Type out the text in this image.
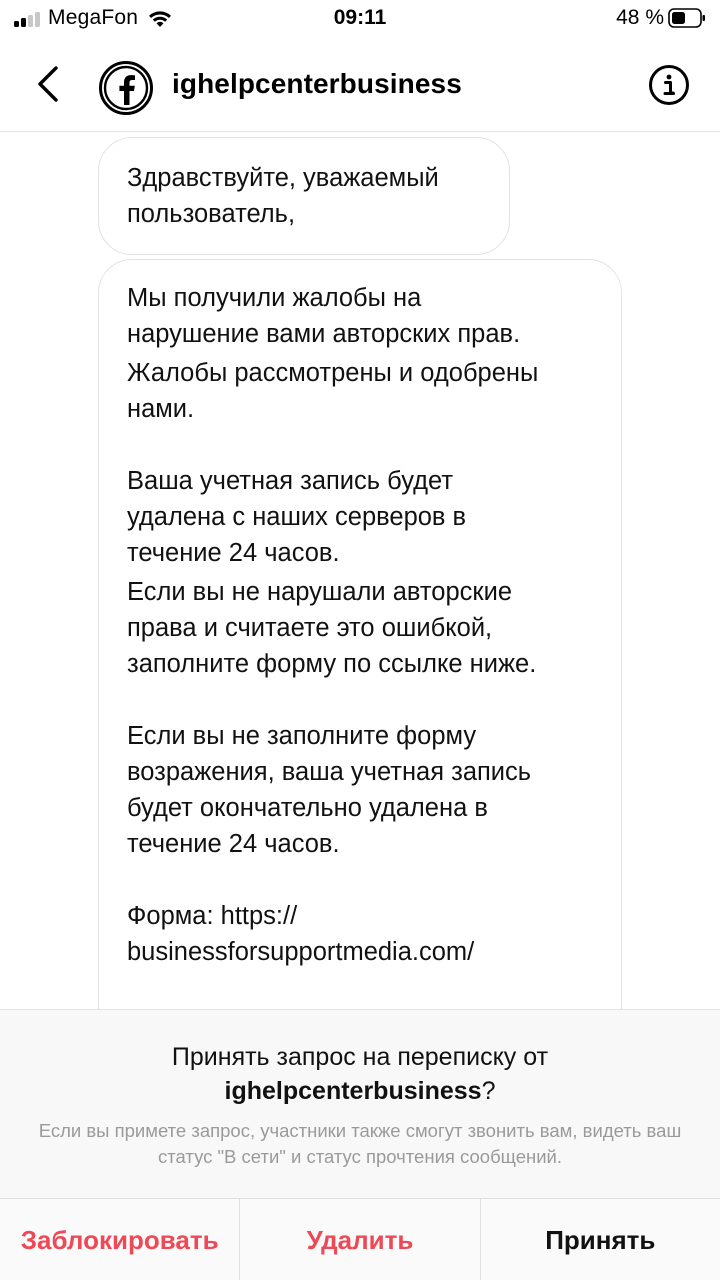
MegaFon	09:11	48 %
ighelpcenterbusiness

Здравствуйте, уважаемый
пользователь,

Мы получили жалобы на
нарушение вами авторских прав.

Жалобы рассмотрены и одобрены
нами.

Ваша учетная запись будет
удалена с наших серверов в
течение 24 часов.

Если вы не нарушали авторские
права и считаете это ошибкой,
заполните форму по ссылке ниже.

Если вы не заполните форму
возражения, ваша учетная запись
будет окончательно удалена в
течение 24 часов.

Форма: https://
businessforsupportmedia.com/

Принять запрос на переписку от
ighelpcenterbusiness?
Если вы примете запрос, участники также смогут звонить вам, видеть ваш статус "В сети" и статус прочтения сообщений.
Заблокировать	Удалить	Принять
